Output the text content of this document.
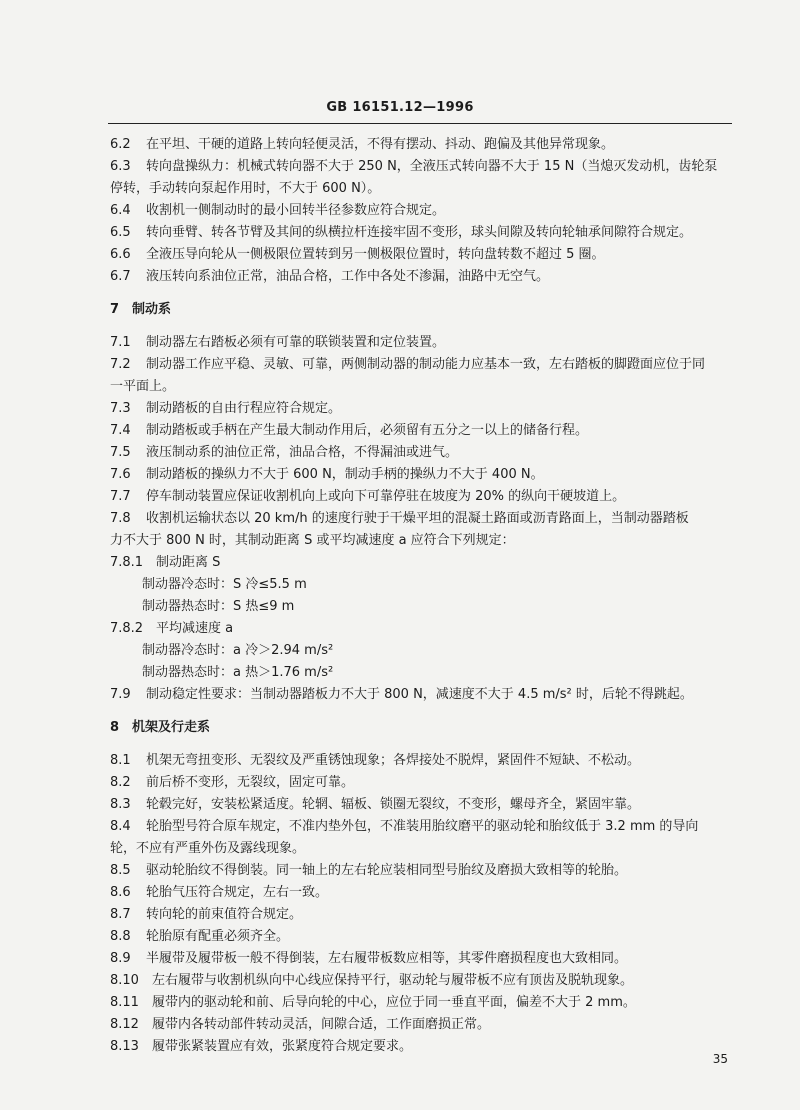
GB 16151.12—1996
6.2 在平坦、干硬的道路上转向轻便灵活，不得有摆动、抖动、跑偏及其他异常现象。
6.3 转向盘操纵力：机械式转向器不大于 250 N，全液压式转向器不大于 15 N（当熄灭发动机，齿轮泵
停转，手动转向泵起作用时，不大于 600 N）。
6.4 收割机一侧制动时的最小回转半径参数应符合规定。
6.5 转向垂臂、转各节臂及其间的纵横拉杆连接牢固不变形，球头间隙及转向轮轴承间隙符合规定。
6.6 全液压导向轮从一侧极限位置转到另一侧极限位置时，转向盘转数不超过 5 圈。
6.7 液压转向系油位正常，油品合格，工作中各处不渗漏，油路中无空气。
7 制动系
7.1 制动器左右踏板必须有可靠的联锁装置和定位装置。
7.2 制动器工作应平稳、灵敏、可靠，两侧制动器的制动能力应基本一致，左右踏板的脚蹬面应位于同
一平面上。
7.3 制动踏板的自由行程应符合规定。
7.4 制动踏板或手柄在产生最大制动作用后，必须留有五分之一以上的储备行程。
7.5 液压制动系的油位正常，油品合格，不得漏油或进气。
7.6 制动踏板的操纵力不大于 600 N，制动手柄的操纵力不大于 400 N。
7.7 停车制动装置应保证收割机向上或向下可靠停驻在坡度为 20% 的纵向干硬坡道上。
7.8 收割机运输状态以 20 km/h 的速度行驶于干燥平坦的混凝土路面或沥青路面上，当制动器踏板
力不大于 800 N 时，其制动距离 S 或平均减速度 a 应符合下列规定：
7.8.1 制动距离 S
制动器冷态时：S 冷≤5.5 m
制动器热态时：S 热≤9 m
7.8.2 平均减速度 a
制动器冷态时：a 冷＞2.94 m/s²
制动器热态时：a 热＞1.76 m/s²
7.9 制动稳定性要求：当制动器踏板力不大于 800 N，减速度不大于 4.5 m/s² 时，后轮不得跳起。
8 机架及行走系
8.1 机架无弯扭变形、无裂纹及严重锈蚀现象；各焊接处不脱焊，紧固件不短缺、不松动。
8.2 前后桥不变形，无裂纹，固定可靠。
8.3 轮毂完好，安装松紧适度。轮辋、辐板、锁圈无裂纹，不变形，螺母齐全，紧固牢靠。
8.4 轮胎型号符合原车规定，不准内垫外包，不准装用胎纹磨平的驱动轮和胎纹低于 3.2 mm 的导向
轮，不应有严重外伤及露线现象。
8.5 驱动轮胎纹不得倒装。同一轴上的左右轮应装相同型号胎纹及磨损大致相等的轮胎。
8.6 轮胎气压符合规定，左右一致。
8.7 转向轮的前束值符合规定。
8.8 轮胎原有配重必须齐全。
8.9 半履带及履带板一般不得倒装，左右履带板数应相等，其零件磨损程度也大致相同。
8.10 左右履带与收割机纵向中心线应保持平行，驱动轮与履带板不应有顶齿及脱轨现象。
8.11 履带内的驱动轮和前、后导向轮的中心，应位于同一垂直平面，偏差不大于 2 mm。
8.12 履带内各转动部件转动灵活，间隙合适，工作面磨损正常。
8.13 履带张紧装置应有效，张紧度符合规定要求。
35
